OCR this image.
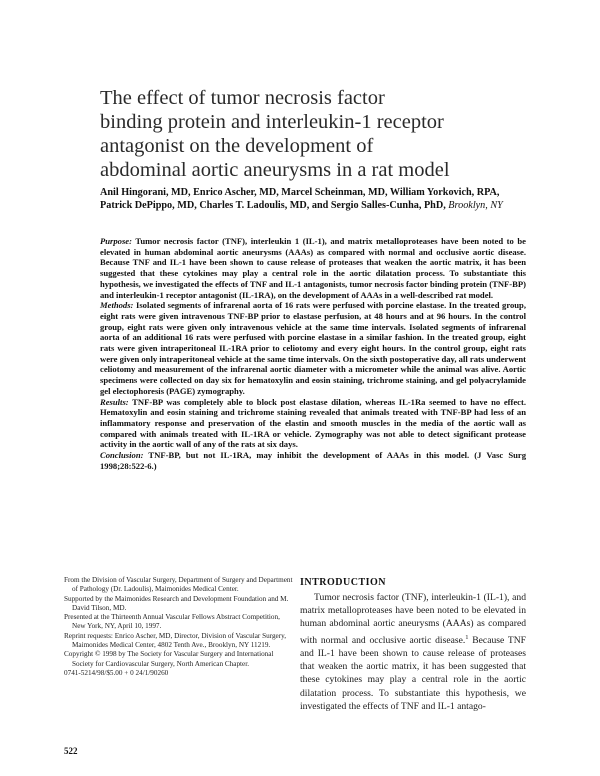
The effect of tumor necrosis factor
binding protein and interleukin-1 receptor
antagonist on the development of
abdominal aortic aneurysms in a rat model
Anil Hingorani, MD, Enrico Ascher, MD, Marcel Scheinman, MD, William Yorkovich, RPA, Patrick DePippo, MD, Charles T. Ladoulis, MD, and Sergio Salles-Cunha, PhD, Brooklyn, NY

Purpose: Tumor necrosis factor (TNF), interleukin 1 (IL-1), and matrix metalloproteases have been noted to be elevated in human abdominal aortic aneurysms (AAAs) as compared with normal and occlusive aortic disease. Because TNF and IL-1 have been shown to cause release of proteases that weaken the aortic matrix, it has been suggested that these cytokines may play a central role in the aortic dilatation process. To substantiate this hypothesis, we investigated the effects of TNF and IL-1 antagonists, tumor necrosis factor binding protein (TNF-BP) and interleukin-1 receptor antagonist (IL-1RA), on the development of AAAs in a well-described rat model.

Methods: Isolated segments of infrarenal aorta of 16 rats were perfused with porcine elastase. In the treated group, eight rats were given intravenous TNF-BP prior to elastase perfusion, at 48 hours and at 96 hours. In the control group, eight rats were given only intravenous vehicle at the same time intervals. Isolated segments of infrarenal aorta of an additional 16 rats were perfused with porcine elastase in a similar fashion. In the treated group, eight rats were given intraperitoneal IL-1RA prior to celiotomy and every eight hours. In the control group, eight rats were given only intraperitoneal vehicle at the same time intervals. On the sixth postoperative day, all rats underwent celiotomy and measurement of the infrarenal aortic diameter with a micrometer while the animal was alive. Aortic specimens were collected on day six for hematoxylin and eosin staining, trichrome staining, and gel polyacrylamide gel electophoresis (PAGE) zymography.

Results: TNF-BP was completely able to block post elastase dilation, whereas IL-1Ra seemed to have no effect. Hematoxylin and eosin staining and trichrome staining revealed that animals treated with TNF-BP had less of an inflammatory response and preservation of the elastin and smooth muscles in the media of the aortic wall as compared with animals treated with IL-1RA or vehicle. Zymography was not able to detect significant protease activity in the aortic wall of any of the rats at six days.

Conclusion: TNF-BP, but not IL-1RA, may inhibit the development of AAAs in this model. (J Vasc Surg 1998;28:522-6.)

From the Division of Vascular Surgery, Department of Surgery and Department of Pathology (Dr. Ladoulis), Maimonides Medical Center.

Supported by the Maimonides Research and Development Foundation and M. David Tilson, MD.

Presented at the Thirteenth Annual Vascular Fellows Abstract Competition, New York, NY, April 10, 1997.

Reprint requests: Enrico Ascher, MD, Director, Division of Vascular Surgery, Maimonides Medical Center, 4802 Tenth Ave., Brooklyn, NY 11219.

Copyright © 1998 by The Society for Vascular Surgery and International Society for Cardiovascular Surgery, North American Chapter.

0741-5214/98/$5.00 + 0 24/1/90260

522
INTRODUCTION

Tumor necrosis factor (TNF), interleukin-1 (IL-1), and matrix metalloproteases have been noted to be elevated in human abdominal aortic aneurysms (AAAs) as compared with normal and occlusive aortic disease.$^1$ Because TNF and IL-1 have been shown to cause release of proteases that weaken the aortic matrix, it has been suggested that these cytokines may play a central role in the aortic dilatation process. To substantiate this hypothesis, we investigated the effects of TNF and IL-1 antago-
